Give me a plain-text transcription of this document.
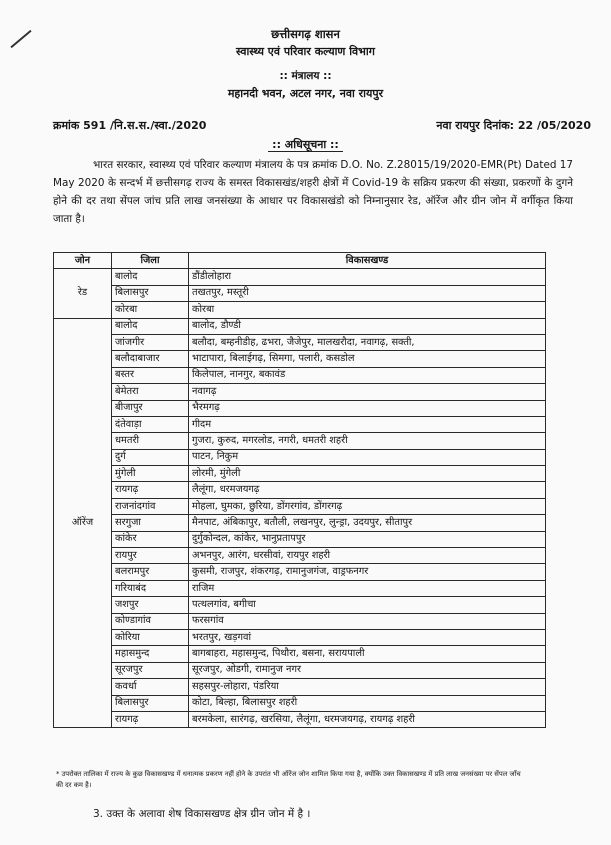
छत्तीसगढ़ शासन
स्वास्थ्य एवं परिवार कल्याण विभाग
:: मंत्रालय ::
महानदी भवन, अटल नगर, नवा रायपुर
क्रमांक 591 /नि.स.स./स्वा./2020	नवा रायपुर दिनांक: 22 /05/2020
:: अधिसूचना ::
भारत सरकार, स्वास्थ्य एवं परिवार कल्याण मंत्रालय के पत्र क्रमांक D.O. No. Z.28015/19/2020-EMR(Pt) Dated 17 May 2020 के सन्दर्भ में छत्तीसगढ़ राज्य के समस्त विकासखंड/शहरी क्षेत्रों में Covid-19 के सक्रिय प्रकरण की संख्या, प्रकरणों के दुगने होने की दर तथा सेंपल जांच प्रति लाख जनसंख्या के आधार पर विकासखंडो को निम्नानुसार रेड, ऑरेंज और ग्रीन जोन में वर्गीकृत किया जाता है।
जोन	जिला	विकासखण्ड
रेड	बालोद	डौंडीलोहारा
	बिलासपुर	तखतपुर, मस्तूरी
	कोरबा	कोरबा
ऑरेंज	बालोद	बालोद, डौण्डी
	जांजगीर	बलौदा, बम्हनीडीह, ढभरा, जैजेपुर, मालखरौदा, नवागढ़, सक्ती,
	बलौदाबाजार	भाटापारा, बिलाईगढ़, सिमगा, पलारी, कसडोल
	बस्तर	किलेपाल, नानगुर, बकावंड
	बेमेतरा	नवागढ़
	बीजापुर	भैरमगढ़
	दंतेवाड़ा	गीदम
	धमतरी	गुजरा, कुरुद, मगरलोड, नगरी, धमतरी शहरी
	दुर्ग	पाटन, निकुम
	मुंगेली	लोरमी, मुंगेली
	रायगढ़	लैलूंगा, धरमजयगढ़
	राजनांदगांव	मोहला, घुमका, छुरिया, डोंगरगांव, डोंगरगढ़
	सरगुजा	मैनपाट, अंबिकापुर, बतौली, लखनपुर, लुन्ड्रा, उदयपुर, सीतापुर
	कांकेर	दुर्गुकोन्दल, कांकेर, भानुप्रतापपुर
	रायपुर	अभनपुर, आरंग, धरसीवां, रायपुर शहरी
	बलरामपुर	कुसमी, राजपुर, शंकरगढ़, रामानुजगंज, वाड्रफनगर
	गरियाबंद	राजिम
	जशपुर	पत्थलगांव, बगीचा
	कोण्डागांव	फरसगांव
	कोरिया	भरतपुर, खड़गवां
	महासमुन्द	बागबाहरा, महासमुन्द, पिथौरा, बसना, सरायपाली
	सूरजपुर	सूरजपुर, ओडगी, रामानुज नगर
	कवर्धा	सहसपुर-लोहारा, पंडरिया
	बिलासपुर	कोटा, बिल्हा, बिलासपुर शहरी
	रायगढ़	बरमकेला, सारंगढ़, खरसिया, लैलूंगा, धरमजयगढ़, रायगढ़ शहरी
* उपरोक्त तालिका में राज्य के कुछ विकासखण्ड में धनात्मक प्रकरण नहीं होने के उपरांत भी ऑरेंज जोन शामिल किया गया है, क्योंकि उक्त विकासखण्ड में प्रति लाख जनसंख्या पर सेंपल जाँच की दर कम है।
3. उक्त के अलावा शेष विकासखण्ड क्षेत्र ग्रीन जोन में है ।
